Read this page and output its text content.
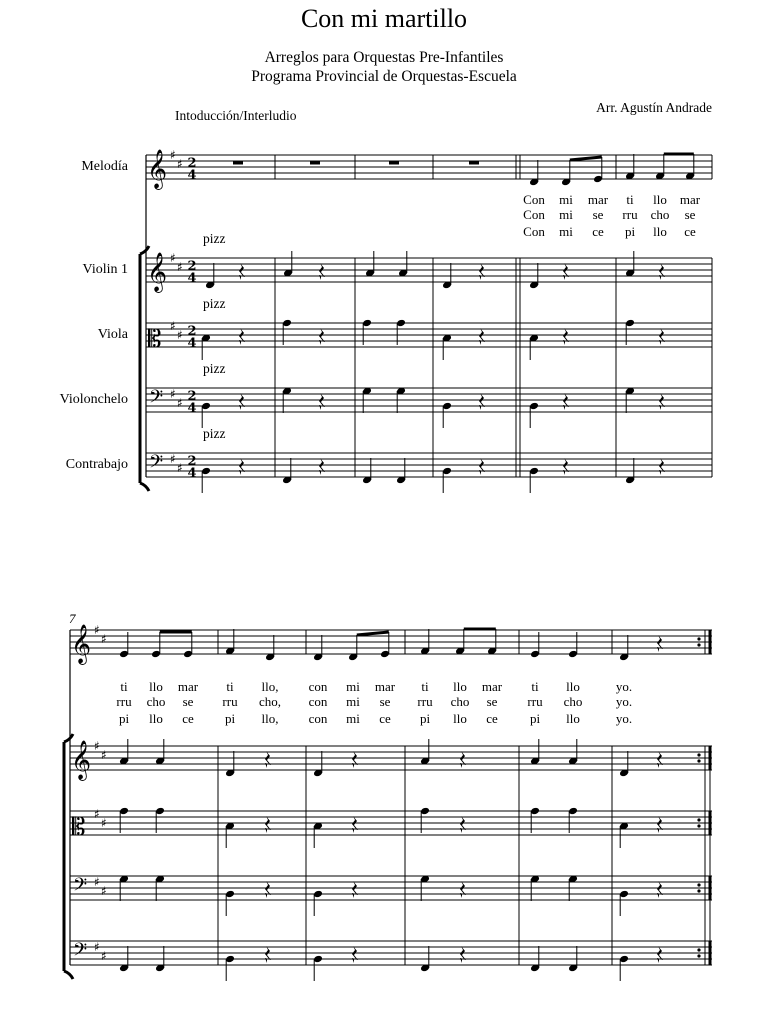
Con mi martillo
Arreglos para Orquestas Pre-Infantiles
Programa Provincial de Orquestas-Escuela
Arr. Agustín Andrade
Intoducción/Interludio
Melodía
Violin 1
Viola
Violonchelo
Contrabajo
pizz
pizz
pizz
pizz
7
𝄞 ♯
♯ 2
4
𝄞 ♯
♯ 2
4
𝄡 ♯
♯ 2
4
𝄢 ♯
♯ 2
4
𝄢 ♯
♯ 2
4
Con mi mar ti llo mar
Con mi se rru cho se
Con mi ce pi llo ce
𝄞 ♯
♯
𝄞 ♯
♯
𝄡 ♯
♯
𝄢 ♯
♯
𝄢 ♯
♯
ti llo mar ti llo, con mi mar ti llo mar ti llo	yo.
rru cho se rru cho, con mi se rru cho se rru cho	yo.
pi llo ce pi llo, con mi ce pi llo ce pi llo	yo.
